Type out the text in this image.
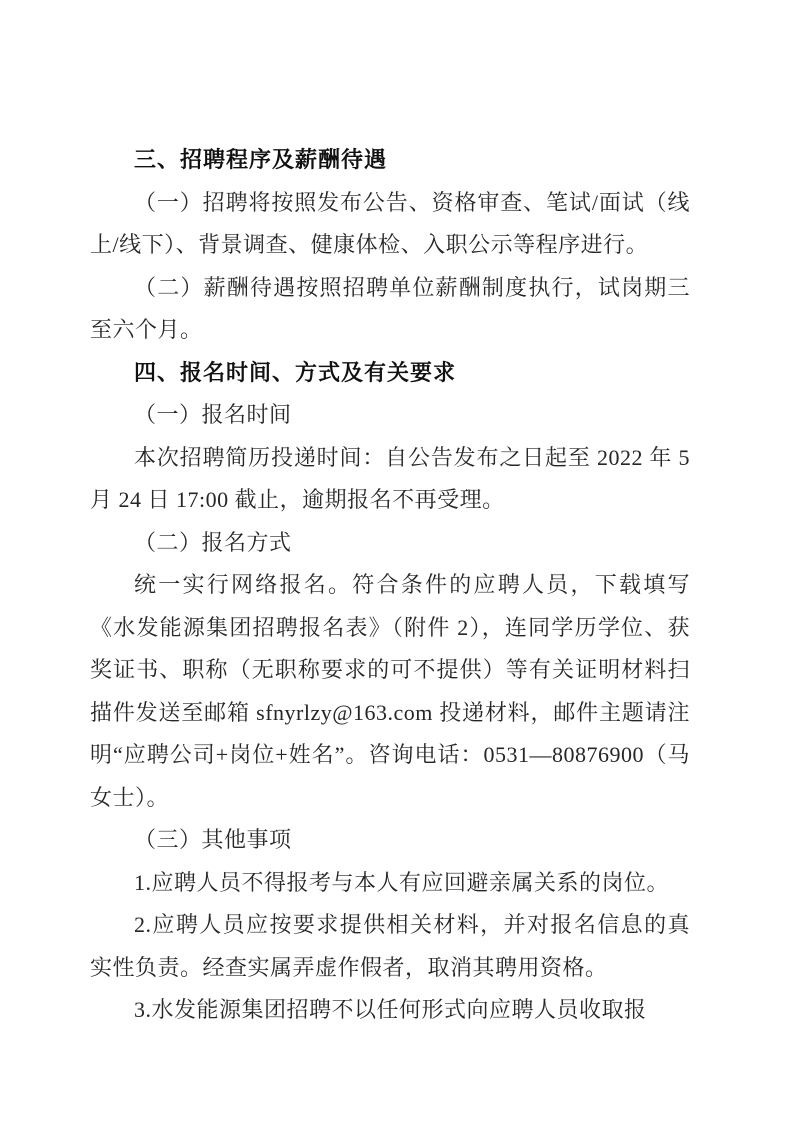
三、招聘程序及薪酬待遇

（一）招聘将按照发布公告、资格审查、笔试/面试（线上/线下）、背景调查、健康体检、入职公示等程序进行。

（二）薪酬待遇按照招聘单位薪酬制度执行，试岗期三至六个月。

四、报名时间、方式及有关要求

（一）报名时间

本次招聘简历投递时间：自公告发布之日起至 2022 年 5 月 24 日 17:00 截止，逾期报名不再受理。

（二）报名方式

统一实行网络报名。符合条件的应聘人员，下载填写《水发能源集团招聘报名表》（附件 2），连同学历学位、获奖证书、职称（无职称要求的可不提供）等有关证明材料扫描件发送至邮箱 sfnyrlzy@163.com 投递材料，邮件主题请注明“应聘公司+岗位+姓名”。咨询电话：0531—80876900（马女士）。

（三）其他事项

1.应聘人员不得报考与本人有应回避亲属关系的岗位。

2.应聘人员应按要求提供相关材料，并对报名信息的真实性负责。经查实属弄虚作假者，取消其聘用资格。

3.水发能源集团招聘不以任何形式向应聘人员收取报
